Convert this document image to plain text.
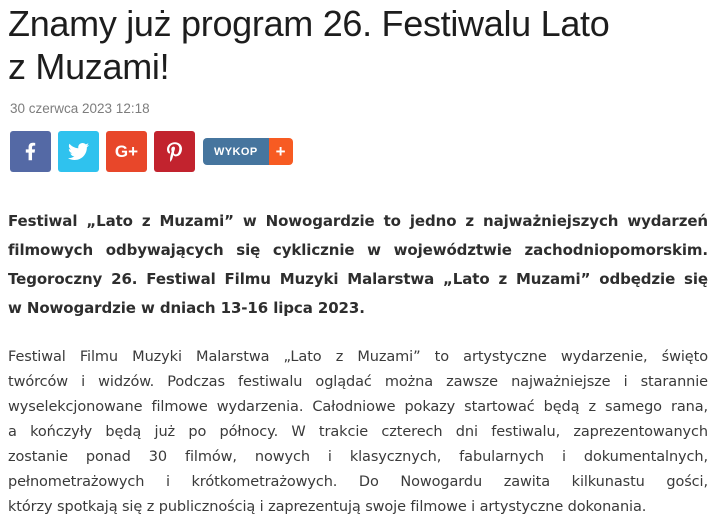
Znamy już program 26. Festiwalu Lato
z Muzami!
30 czerwca 2023 12:18
G+	WYKOP	+
Festiwal „Lato z Muzami” w Nowogardzie to jedno z najważniejszych wydarzeń
filmowych odbywających się cyklicznie w województwie zachodniopomorskim.
Tegoroczny 26. Festiwal Filmu Muzyki Malarstwa „Lato z Muzami” odbędzie się
w Nowogardzie w dniach 13-16 lipca 2023.
Festiwal Filmu Muzyki Malarstwa „Lato z Muzami” to artystyczne wydarzenie, święto
twórców i widzów. Podczas festiwalu oglądać można zawsze najważniejsze i starannie
wyselekcjonowane filmowe wydarzenia. Całodniowe pokazy startować będą z samego rana,
a kończyły będą już po północy. W trakcie czterech dni festiwalu, zaprezentowanych
zostanie ponad 30 filmów, nowych i klasycznych, fabularnych i dokumentalnych,
pełnometrażowych i krótkometrażowych. Do Nowogardu zawita kilkunastu gości,
którzy spotkają się z publicznością i zaprezentują swoje filmowe i artystyczne dokonania.
